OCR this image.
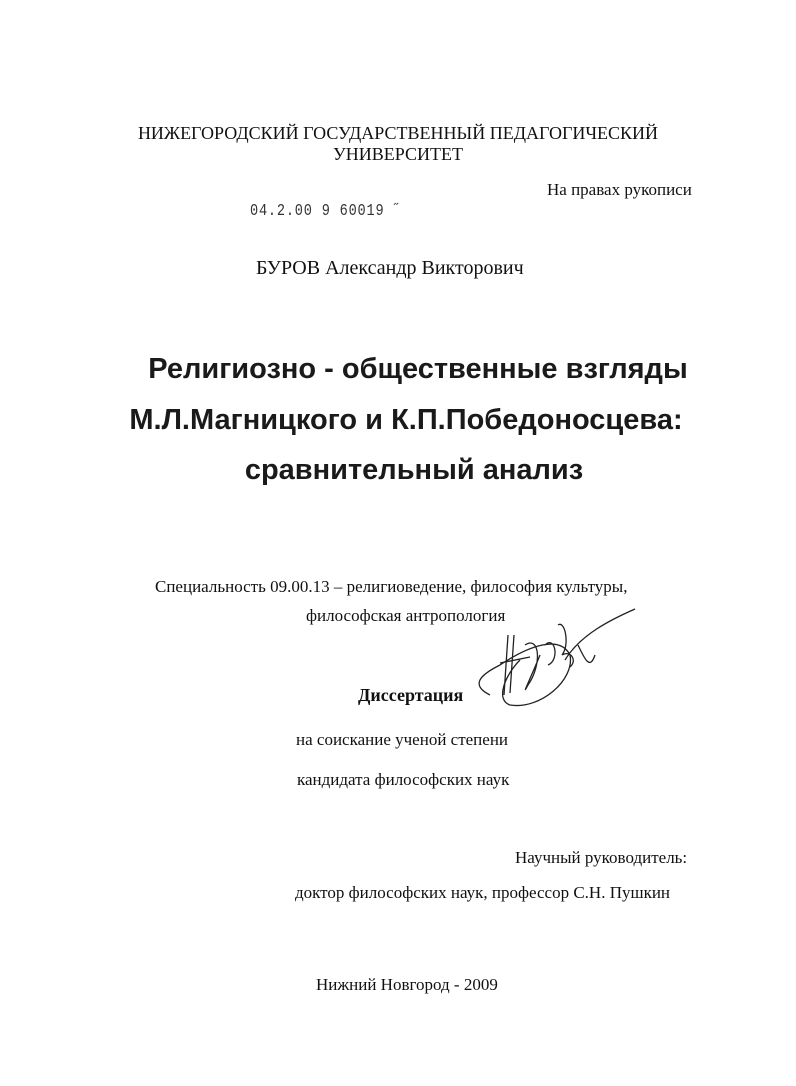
НИЖЕГОРОДСКИЙ ГОСУДАРСТВЕННЫЙ ПЕДАГОГИЧЕСКИЙ
УНИВЕРСИТЕТ
На правах рукописи
04.2.00 9 60019 ˝
БУРОВ Александр Викторович
Религиозно - общественные взгляды
М.Л.Магницкого и К.П.Победоносцева:
сравнительный анализ
Специальность 09.00.13 – религиоведение, философия культуры,
философская антропология
Диссертация
на соискание ученой степени
кандидата философских наук
Научный руководитель:
доктор философских наук, профессор С.Н. Пушкин
Нижний Новгород - 2009
